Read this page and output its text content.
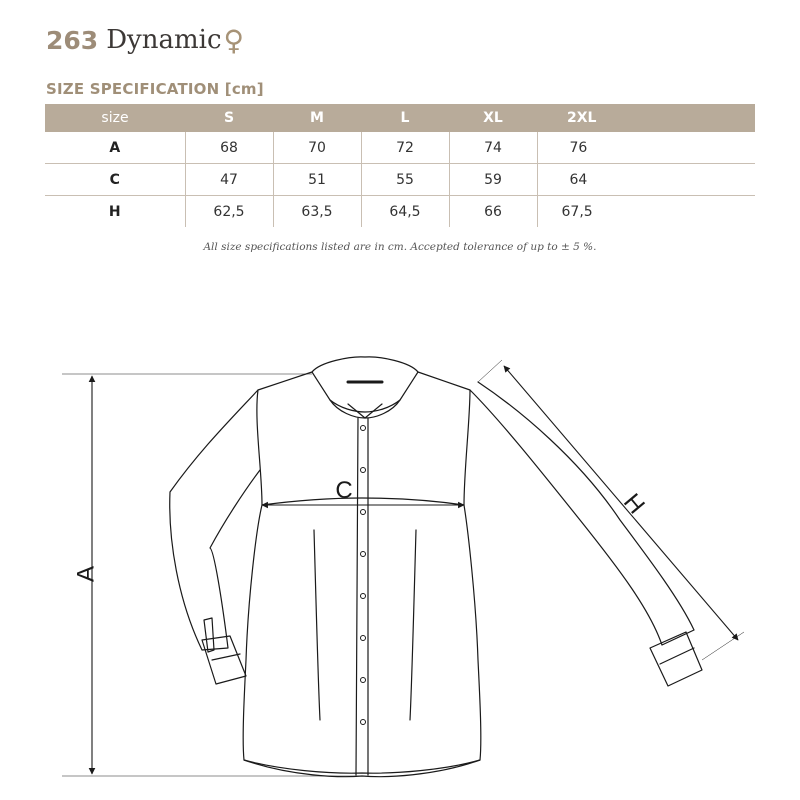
263 Dynamic ♀
SIZE SPECIFICATION [cm]
size	S	M	L	XL	2XL
A	68	70	72	74	76
C	47	51	55	59	64
H	62,5	63,5	64,5	66	67,5
All size specifications listed are in cm. Accepted tolerance of up to ± 5 %.
A
C	H
